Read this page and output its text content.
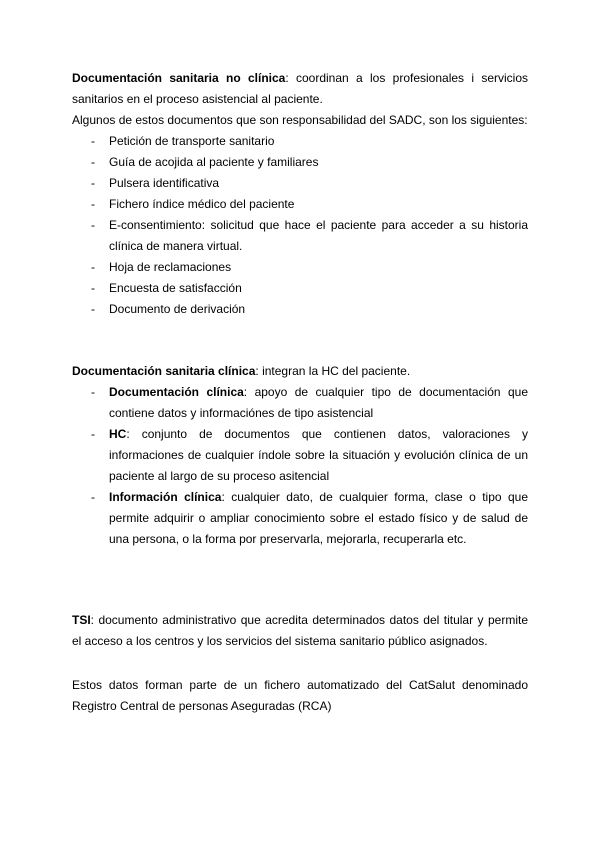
Documentación sanitaria no clínica: coordinan a los profesionales i servicios sanitarios en el proceso asistencial al paciente.

Algunos de estos documentos que son responsabilidad del SADC, son los siguientes:

- Petición de transporte sanitario
- Guía de acojida al paciente y familiares
- Pulsera identificativa
- Fichero índice médico del paciente
- E-consentimiento: solicitud que hace el paciente para acceder a su historia clínica de manera virtual.
- Hoja de reclamaciones
- Encuesta de satisfacción
- Documento de derivación

Documentación sanitaria clínica: integran la HC del paciente.

- Documentación clínica: apoyo de cualquier tipo de documentación que contiene datos y informaciónes de tipo asistencial
- HC: conjunto de documentos que contienen datos, valoraciones y informaciones de cualquier índole sobre la situación y evolución clínica de un paciente al largo de su proceso asitencial
- Información clínica: cualquier dato, de cualquier forma, clase o tipo que permite adquirir o ampliar conocimiento sobre el estado físico y de salud de una persona, o la forma por preservarla, mejorarla, recuperarla etc.

TSI: documento administrativo que acredita determinados datos del titular y permite el acceso a los centros y los servicios del sistema sanitario público asignados.

Estos datos forman parte de un fichero automatizado del CatSalut denominado Registro Central de personas Aseguradas (RCA)
